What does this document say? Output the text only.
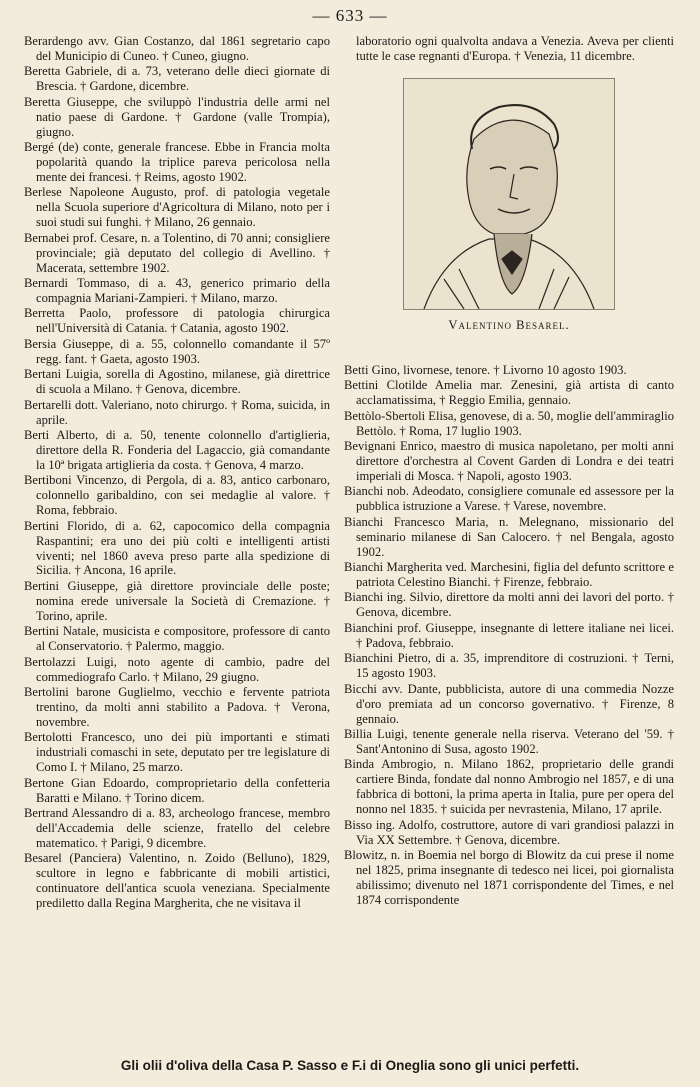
— 633 —

Berardengo avv. Gian Costanzo, dal 1861 segretario capo del Municipio di Cuneo. † Cuneo, giugno.

Beretta Gabriele, di a. 73, veterano delle dieci giornate di Brescia. † Gardone, dicembre.

Beretta Giuseppe, che sviluppò l'industria delle armi nel natio paese di Gardone. † Gardone (valle Trompia), giugno.

Bergé (de) conte, generale francese. Ebbe in Francia molta popolarità quando la triplice pareva pericolosa nella mente dei francesi. † Reims, agosto 1902.

Berlese Napoleone Augusto, prof. di patologia vegetale nella Scuola superiore d'Agricoltura di Milano, noto per i suoi studi sui funghi. † Milano, 26 gennaio.

Bernabei prof. Cesare, n. a Tolentino, di 70 anni; consigliere provinciale; già deputato del collegio di Avellino. † Macerata, settembre 1902.

Bernardi Tommaso, di a. 43, generico primario della compagnia Mariani-Zampieri. † Milano, marzo.

Berretta Paolo, professore di patologia chirurgica nell'Università di Catania. † Catania, agosto 1902.

Bersia Giuseppe, di a. 55, colonnello comandante il 57º regg. fant. † Gaeta, agosto 1903.

Bertani Luigia, sorella di Agostino, milanese, già direttrice di scuola a Milano. † Genova, dicembre.

Bertarelli dott. Valeriano, noto chirurgo. † Roma, suicida, in aprile.

Berti Alberto, di a. 50, tenente colonnello d'artiglieria, direttore della R. Fonderia del Lagaccio, già comandante la 10ª brigata artiglieria da costa. † Genova, 4 marzo.

Bertiboni Vincenzo, di Pergola, di a. 83, antico carbonaro, colonnello garibaldino, con sei medaglie al valore. † Roma, febbraio.

Bertini Florido, di a. 62, capocomico della compagnia Raspantini; era uno dei più colti e intelligenti artisti viventi; nel 1860 aveva preso parte alla spedizione di Sicilia. † Ancona, 16 aprile.

Bertini Giuseppe, già direttore provinciale delle poste; nomina erede universale la Società di Cremazione. † Torino, aprile.

Bertini Natale, musicista e compositore, professore di canto al Conservatorio. † Palermo, maggio.

Bertolazzi Luigi, noto agente di cambio, padre del commediografo Carlo. † Milano, 29 giugno.

Bertolini barone Guglielmo, vecchio e fervente patriota trentino, da molti anni stabilito a Padova. † Verona, novembre.

Bertolotti Francesco, uno dei più importanti e stimati industriali comaschi in sete, deputato per tre legislature di Como I. † Milano, 25 marzo.

Bertone Gian Edoardo, comproprietario della confetteria Baratti e Milano. † Torino dicem.

Bertrand Alessandro di a. 83, archeologo francese, membro dell'Accademia delle scienze, fratello del celebre matematico. † Parigi, 9 dicembre.

Besarel (Panciera) Valentino, n. Zoido (Belluno), 1829, scultore in legno e fabbricante di mobili artistici, continuatore dell'antica scuola veneziana. Specialmente prediletto dalla Regina Margherita, che ne visitava il

laboratorio ogni qualvolta andava a Venezia. Aveva per clienti tutte le case regnanti d'Europa. † Venezia, 11 dicembre.

Valentino Besarel.

Betti Gino, livornese, tenore. † Livorno 10 agosto 1903.

Bettini Clotilde Amelia mar. Zenesini, già artista di canto acclamatissima, † Reggio Emilia, gennaio.

Bettòlo-Sbertoli Elisa, genovese, di a. 50, moglie dell'ammiraglio Bettòlo. † Roma, 17 luglio 1903.

Bevignani Enrico, maestro di musica napoletano, per molti anni direttore d'orchestra al Covent Garden di Londra e dei teatri imperiali di Mosca. † Napoli, agosto 1903.

Bianchi nob. Adeodato, consigliere comunale ed assessore per la pubblica istruzione a Varese. † Varese, novembre.

Bianchi Francesco Maria, n. Melegnano, missionario del seminario milanese di San Calocero. † nel Bengala, agosto 1902.

Bianchi Margherita ved. Marchesini, figlia del defunto scrittore e patriota Celestino Bianchi. † Firenze, febbraio.

Bianchi ing. Silvio, direttore da molti anni dei lavori del porto. † Genova, dicembre.

Bianchini prof. Giuseppe, insegnante di lettere italiane nei licei. † Padova, febbraio.

Bianchini Pietro, di a. 35, imprenditore di costruzioni. † Terni, 15 agosto 1903.

Bicchi avv. Dante, pubblicista, autore di una commedia Nozze d'oro premiata ad un concorso governativo. † Firenze, 8 gennaio.

Billia Luigi, tenente generale nella riserva. Veterano del '59. † Sant'Antonino di Susa, agosto 1902.

Binda Ambrogio, n. Milano 1862, proprietario delle grandi cartiere Binda, fondate dal nonno Ambrogio nel 1857, e di una fabbrica di bottoni, la prima aperta in Italia, pure per opera del nonno nel 1835. † suicida per nevrastenia, Milano, 17 aprile.

Bisso ing. Adolfo, costruttore, autore di vari grandiosi palazzi in Via XX Settembre. † Genova, dicembre.

Blowitz, n. in Boemia nel borgo di Blowitz da cui prese il nome nel 1825, prima insegnante di tedesco nei licei, poi giornalista abilissimo; divenuto nel 1871 corrispondente del Times, e nel 1874 corrispondente

Gli olii d'oliva della Casa P. Sasso e F.i di Oneglia sono gli unici perfetti.
